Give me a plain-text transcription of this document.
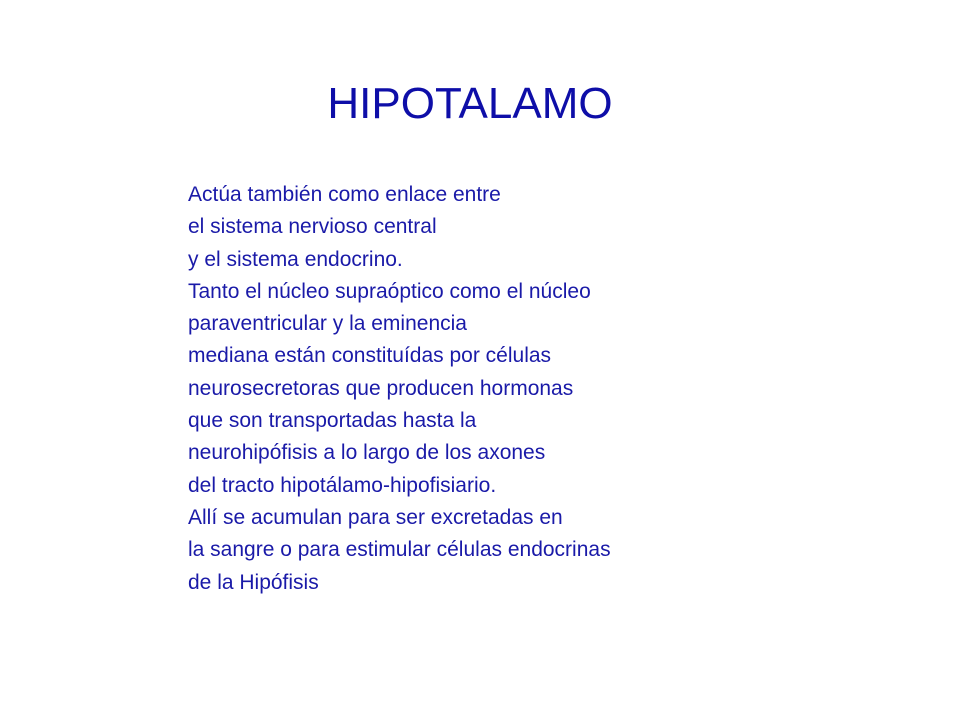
HIPOTALAMO
Actúa también como enlace entre
el sistema nervioso central
y el sistema endocrino.
Tanto el núcleo supraóptico como el núcleo
paraventricular y la eminencia
mediana están constituídas por células
neurosecretoras que producen hormonas
que son transportadas hasta la
neurohipófisis a lo largo de los axones
del tracto hipotálamo-hipofisiario.
Allí se acumulan para ser excretadas en
la sangre o para estimular células endocrinas
de la Hipófisis
